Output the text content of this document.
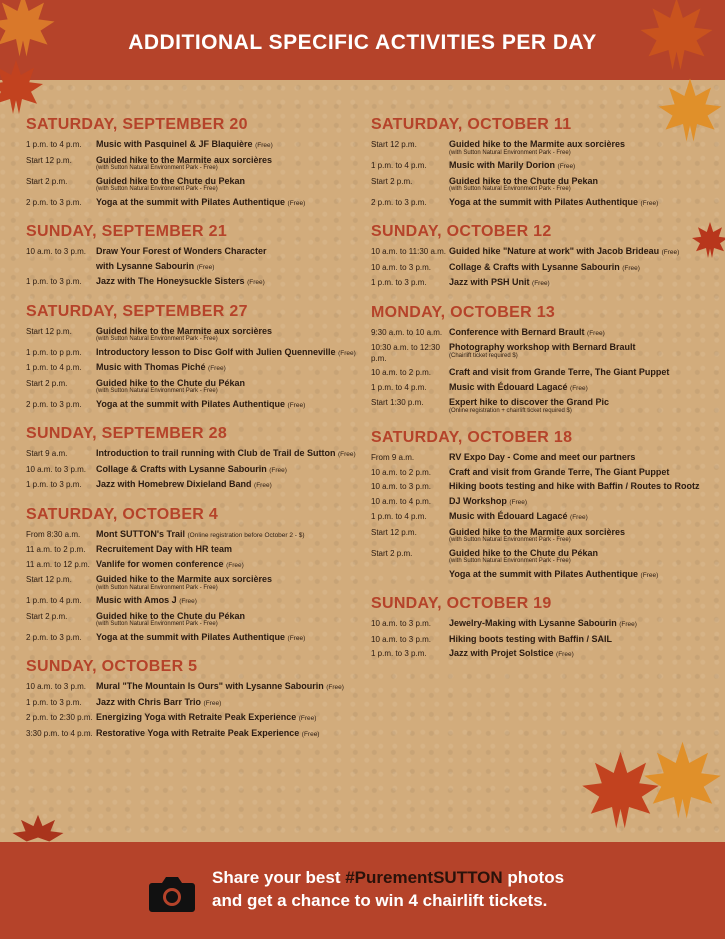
ADDITIONAL SPECIFIC ACTIVITIES PER DAY
SATURDAY, SEPTEMBER 20
1 p.m. to 4 p.m.	Music with Pasquinel & JF Blaquière (Free)
Start 12 p.m.	Guided hike to the Marmite aux sorcières
(with Sutton Natural Environment Park - Free)
Start 2 p.m.	Guided hike to the Chute du Pekan
(with Sutton Natural Environment Park - Free)
2 p.m. to 3 p.m.	Yoga at the summit with Pilates Authentique (Free)
SUNDAY, SEPTEMBER 21
10 a.m. to 3 p.m.	Draw Your Forest of Wonders Character
with Lysanne Sabourin (Free)
1 p.m. to 3 p.m.	Jazz with The Honeysuckle Sisters (Free)
SATURDAY, SEPTEMBER 27
Start 12 p.m.	Guided hike to the Marmite aux sorcières
(with Sutton Natural Environment Park - Free)
1 p.m. to p p.m.	Introductory lesson to Disc Golf with Julien Quenneville (Free)
1 p.m. to 4 p.m.	Music with Thomas Piché (Free)
Start 2 p.m.	Guided hike to the Chute du Pékan
(with Sutton Natural Environment Park - Free)
2 p.m. to 3 p.m.	Yoga at the summit with Pilates Authentique (Free)
SUNDAY, SEPTEMBER 28
Start 9 a.m.	Introduction to trail running with Club de Trail de Sutton (Free)
10 a.m. to 3 p.m.	Collage & Crafts with Lysanne Sabourin (Free)
1 p.m. to 3 p.m.	Jazz with Homebrew Dixieland Band (Free)
SATURDAY, OCTOBER 4
From 8:30 a.m.	Mont SUTTON's Trail (Online registration before October 2 - $)
11 a.m. to 2 p.m.	Recruitement Day with HR team
11 a.m. to 12 p.m. Vanlife for women conference (Free)
Start 12 p.m.	Guided hike to the Marmite aux sorcières
(with Sutton Natural Environment Park - Free)
1 p.m. to 4 p.m.	Music with Amos J (Free)
Start 2 p.m.	Guided hike to the Chute du Pékan
(with Sutton Natural Environment Park - Free)
2 p.m. to 3 p.m.	Yoga at the summit with Pilates Authentique (Free)
SUNDAY, OCTOBER 5
10 a.m. to 3 p.m.	Mural "The Mountain Is Ours" with Lysanne Sabourin (Free)
1 p.m. to 3 p.m.	Jazz with Chris Barr Trio (Free)
2 p.m. to 2:30 p.m. Energizing Yoga with Retraite Peak Experience (Free)
3:30 p.m. to 4 p.m. Restorative Yoga with Retraite Peak Experience (Free)
SATURDAY, OCTOBER 11
Start 12 p.m.	Guided hike to the Marmite aux sorcières
(with Sutton Natural Environment Park - Free)
1 p.m. to 4 p.m.	Music with Marily Dorion (Free)
Start 2 p.m.	Guided hike to the Chute du Pekan
(with Sutton Natural Environment Park - Free)
2 p.m. to 3 p.m.	Yoga at the summit with Pilates Authentique (Free)
SUNDAY, OCTOBER 12
10 a.m. to 11:30 a.m. Guided hike "Nature at work" with Jacob Brideau (Free)
10 a.m. to 3 p.m.	Collage & Crafts with Lysanne Sabourin (Free)
1 p.m. to 3 p.m.	Jazz with PSH Unit (Free)
MONDAY, OCTOBER 13
9:30 a.m. to 10 a.m. Conference with Bernard Brault (Free)
10:30 a.m. to 12:30 p.m.
Photography workshop with Bernard Brault
(Chairlift ticket required $)
10 a.m. to 2 p.m.	Craft and visit from Grande Terre, The Giant Puppet
1 p.m. to 4 p.m.	Music with Édouard Lagacé (Free)
Start 1:30 p.m.	Expert hike to discover the Grand Pic
(Online registration + chairlift ticket required $)
SATURDAY, OCTOBER 18
From 9 a.m.	RV Expo Day - Come and meet our partners
10 a.m. to 2 p.m.	Craft and visit from Grande Terre, The Giant Puppet
10 a.m. to 3 p.m.	Hiking boots testing and hike with Baffin / Routes to Rootz
10 a.m. to 4 p.m.	DJ Workshop (Free)
1 p.m. to 4 p.m.	Music with Édouard Lagacé (Free)
Start 12 p.m.	Guided hike to the Marmite aux sorcières
(with Sutton Natural Environment Park - Free)
Start 2 p.m.	Guided hike to the Chute du Pékan
(with Sutton Natural Environment Park - Free)
Yoga at the summit with Pilates Authentique (Free)
SUNDAY, OCTOBER 19
10 a.m. to 3 p.m.	Jewelry-Making with Lysanne Sabourin (Free)
10 a.m. to 3 p.m.	Hiking boots testing with Baffin / SAIL
1 p.m. to 3 p.m.	Jazz with Projet Solstice (Free)
Share your best #PurementSUTTON photos
and get a chance to win 4 chairlift tickets.
